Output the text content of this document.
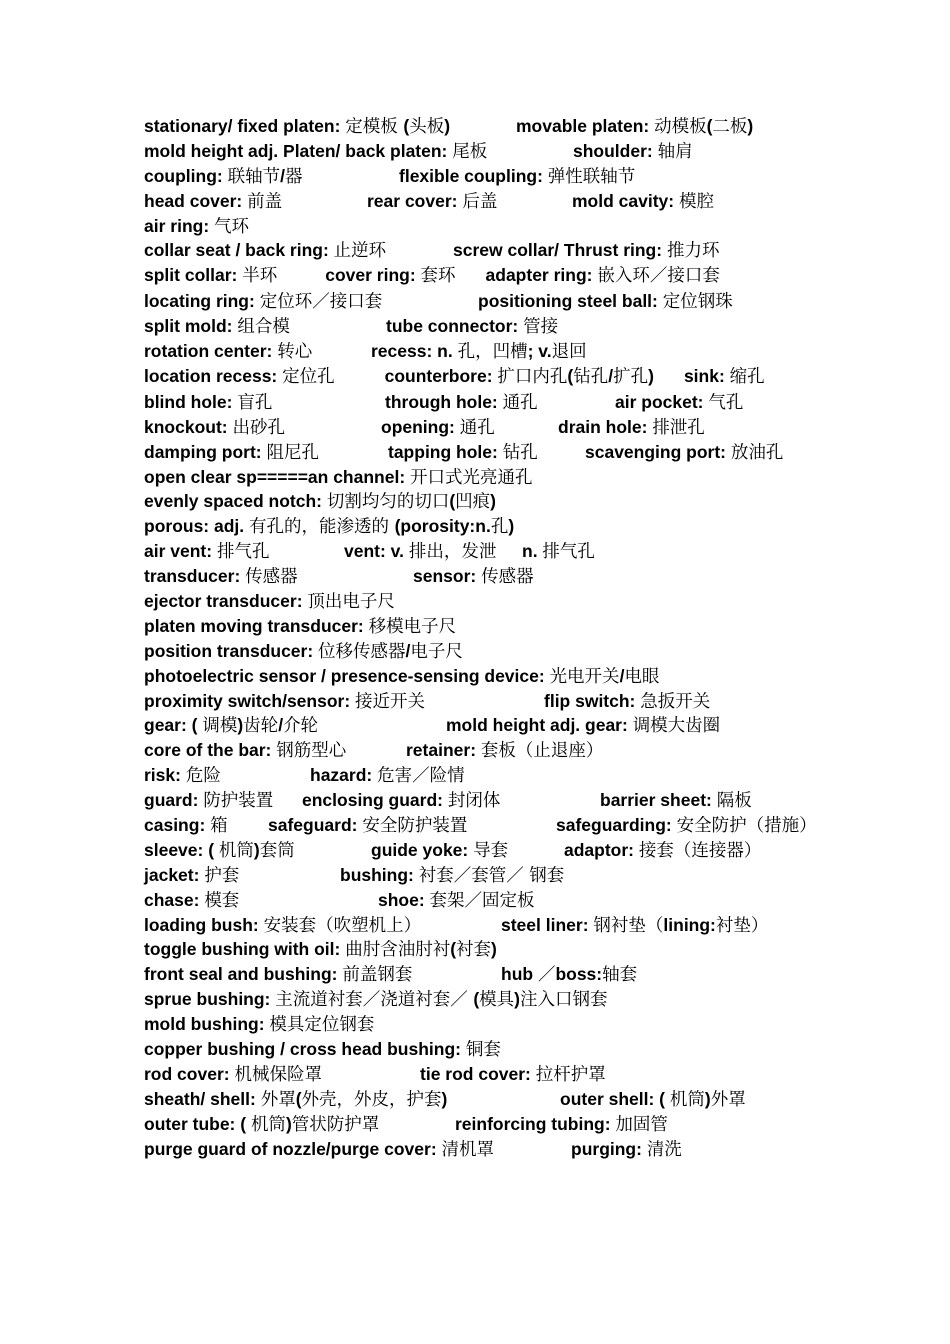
stationary/ fixed platen: 定模板 (头板)	movable platen: 动模板(二板)
mold height adj. Platen/ back platen: 尾板	shoulder: 轴肩
coupling: 联轴节/器	flexible coupling: 弹性联轴节
head cover: 前盖	rear cover: 后盖	mold cavity: 模腔
air ring: 气环
collar seat / back ring: 止逆环	screw collar/ Thrust ring: 推力环
split collar: 半环	cover ring: 套环 adapter ring: 嵌入环／接口套
locating ring: 定位环／接口套	positioning steel ball: 定位钢珠
split mold: 组合模	tube connector: 管接
rotation center: 转心	recess: n. 孔，凹槽; v.退回
location recess: 定位孔	counterbore: 扩口内孔(钻孔/扩孔) sink: 缩孔
blind hole: 盲孔	through hole: 通孔	air pocket: 气孔
knockout: 出砂孔	opening: 通孔	drain hole: 排泄孔
damping port: 阻尼孔	tapping hole: 钻孔	scavenging port: 放油孔
open clear sp=====an channel: 开口式光亮通孔
evenly spaced notch: 切割均匀的切口(凹痕)
porous: adj. 有孔的，能渗透的 (porosity:n.孔)
air vent: 排气孔	vent: v. 排出，发泄 n. 排气孔
transducer: 传感器	sensor: 传感器
ejector transducer: 顶出电子尺
platen moving transducer: 移模电子尺
position transducer: 位移传感器/电子尺
photoelectric sensor / presence-sensing device: 光电开关/电眼
proximity switch/sensor: 接近开关	flip switch: 急扳开关
gear: ( 调模)齿轮/介轮	mold height adj. gear: 调模大齿圈
core of the bar: 钢筋型心	retainer: 套板（止退座）
risk: 危险	hazard: 危害／险情
guard: 防护装置 enclosing guard: 封闭体	barrier sheet: 隔板
casing: 箱 safeguard: 安全防护装置	safeguarding: 安全防护（措施）
sleeve: ( 机筒)套筒	guide yoke: 导套	adaptor: 接套（连接器）
jacket: 护套	bushing: 衬套／套管／ 钢套
chase: 模套	shoe: 套架／固定板
loading bush: 安装套（吹塑机上）	steel liner: 钢衬垫（lining:衬垫）
toggle bushing with oil: 曲肘含油肘衬(衬套)
front seal and bushing: 前盖钢套	hub ／boss:轴套
sprue bushing: 主流道衬套／浇道衬套／ (模具)注入口钢套
mold bushing: 模具定位钢套
copper bushing / cross head bushing: 铜套
rod cover: 机械保险罩	tie rod cover: 拉杆护罩
sheath/ shell: 外罩(外壳，外皮，护套)	outer shell: ( 机筒)外罩
outer tube: ( 机筒)管状防护罩	reinforcing tubing: 加固管
purge guard of nozzle/purge cover: 清机罩	purging: 清洗
